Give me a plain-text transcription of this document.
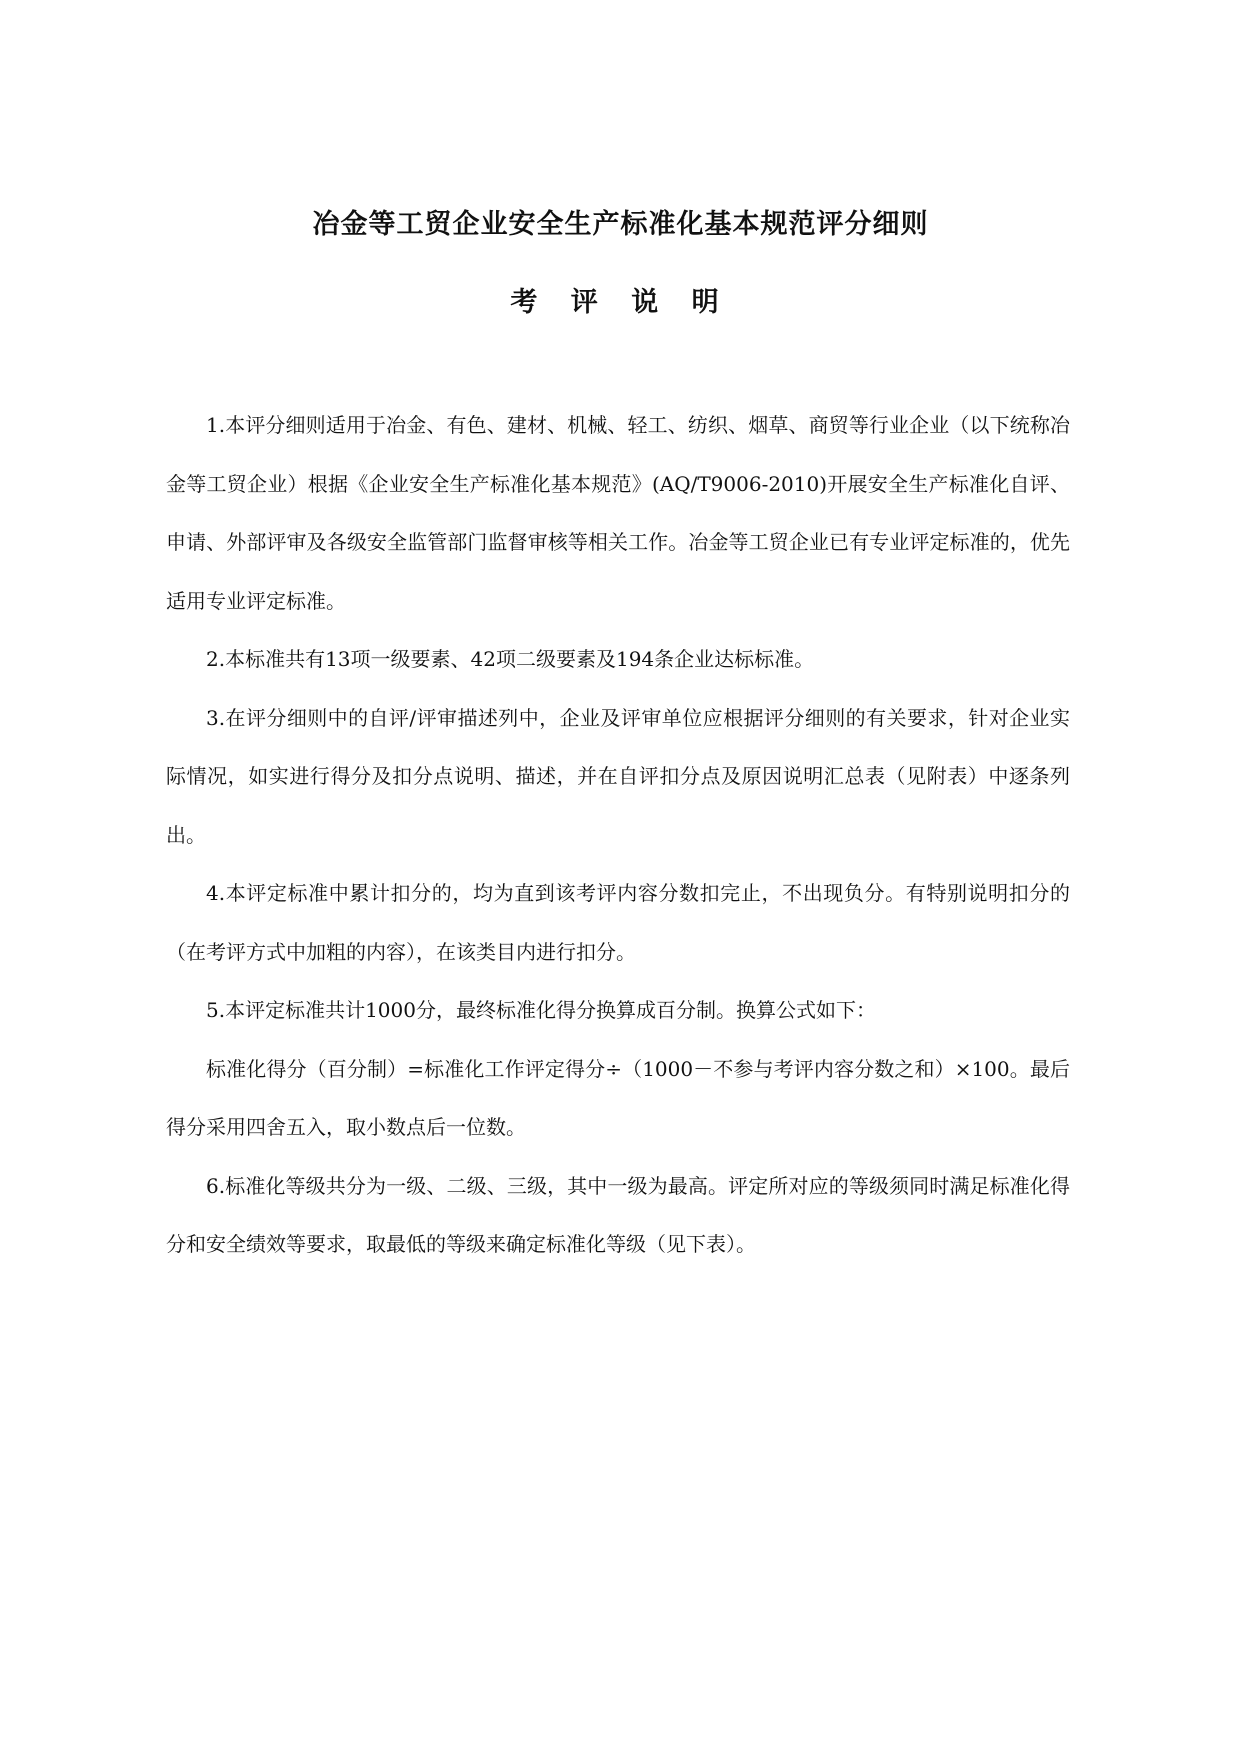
冶金等工贸企业安全生产标准化基本规范评分细则
考 评 说 明

1.本评分细则适用于冶金、有色、建材、机械、轻工、纺织、烟草、商贸等行业企业（以下统称冶金等工贸企业）根据《企业安全生产标准化基本规范》(AQ/T9006-2010)开展安全生产标准化自评、申请、外部评审及各级安全监管部门监督审核等相关工作。冶金等工贸企业已有专业评定标准的，优先适用专业评定标准。

2.本标准共有13项一级要素、42项二级要素及194条企业达标标准。

3.在评分细则中的自评/评审描述列中，企业及评审单位应根据评分细则的有关要求，针对企业实际情况，如实进行得分及扣分点说明、描述，并在自评扣分点及原因说明汇总表（见附表）中逐条列出。

4.本评定标准中累计扣分的，均为直到该考评内容分数扣完止，不出现负分。有特别说明扣分的（在考评方式中加粗的内容），在该类目内进行扣分。

5.本评定标准共计1000分，最终标准化得分换算成百分制。换算公式如下：

标准化得分（百分制）=标准化工作评定得分÷（1000－不参与考评内容分数之和）×100。最后得分采用四舍五入，取小数点后一位数。

6.标准化等级共分为一级、二级、三级，其中一级为最高。评定所对应的等级须同时满足标准化得分和安全绩效等要求，取最低的等级来确定标准化等级（见下表）。
